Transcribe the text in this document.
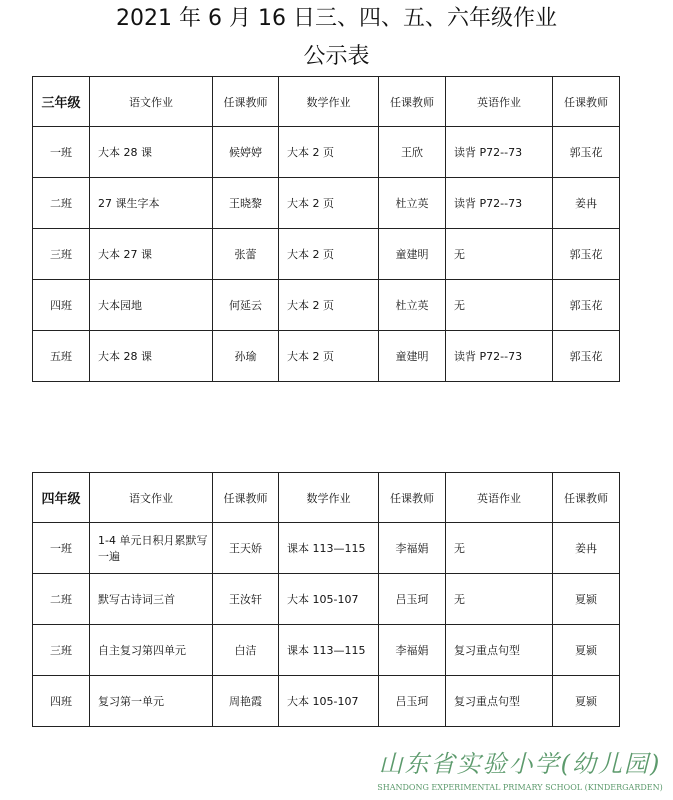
2021 年 6 月 16 日三、四、五、六年级作业
公示表
三年级	语文作业	任课教师	数学作业	任课教师	英语作业	任课教师
一班	大本 28 课	候婷婷	大本 2 页	王欣	读背 P72--73	郭玉花
二班	27 课生字本	王晓黎	大本 2 页	杜立英	读背 P72--73	姜冉
三班	大本 27 课	张蕾	大本 2 页	童建明	无	郭玉花
四班	大本园地	何延云	大本 2 页	杜立英	无	郭玉花
五班	大本 28 课	孙瑜	大本 2 页	童建明	读背 P72--73	郭玉花
四年级	语文作业	任课教师	数学作业	任课教师	英语作业	任课教师
一班	1-4 单元日积月累默写一遍	王天娇	课本 113—115	李福娟	无	姜冉
二班	默写古诗词三首	王汝轩	大本 105-107	吕玉珂	无	夏颍
三班	自主复习第四单元	白洁	课本 113—115	李福娟	复习重点句型	夏颍
四班	复习第一单元	周艳霞	大本 105-107	吕玉珂	复习重点句型	夏颍
山东省实验小学(幼儿园)
SHANDONG EXPERIMENTAL PRIMARY SCHOOL (KINDERGARDEN)
